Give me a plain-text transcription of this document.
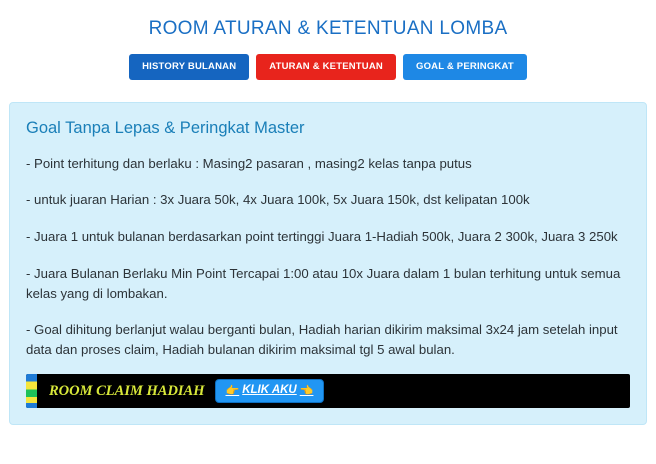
ROOM ATURAN & KETENTUAN LOMBA
HISTORY BULANAN	ATURAN & KETENTUAN	GOAL & PERINGKAT
Goal Tanpa Lepas & Peringkat Master

- Point terhitung dan berlaku : Masing2 pasaran , masing2 kelas tanpa putus

- untuk juaran Harian : 3x Juara 50k, 4x Juara 100k, 5x Juara 150k, dst kelipatan 100k

- Juara 1 untuk bulanan berdasarkan point tertinggi Juara 1-Hadiah 500k, Juara 2 300k, Juara 3 250k

- Juara Bulanan Berlaku Min Point Tercapai 1:00 atau 10x Juara dalam 1 bulan terhitung untuk semua kelas yang di lombakan.

- Goal dihitung berlanjut walau berganti bulan, Hadiah harian dikirim maksimal 3x24 jam setelah input data dan proses claim, Hadiah bulanan dikirim maksimal tgl 5 awal bulan.

ROOM CLAIM HADIAH 👉 KLIK AKU 👈
